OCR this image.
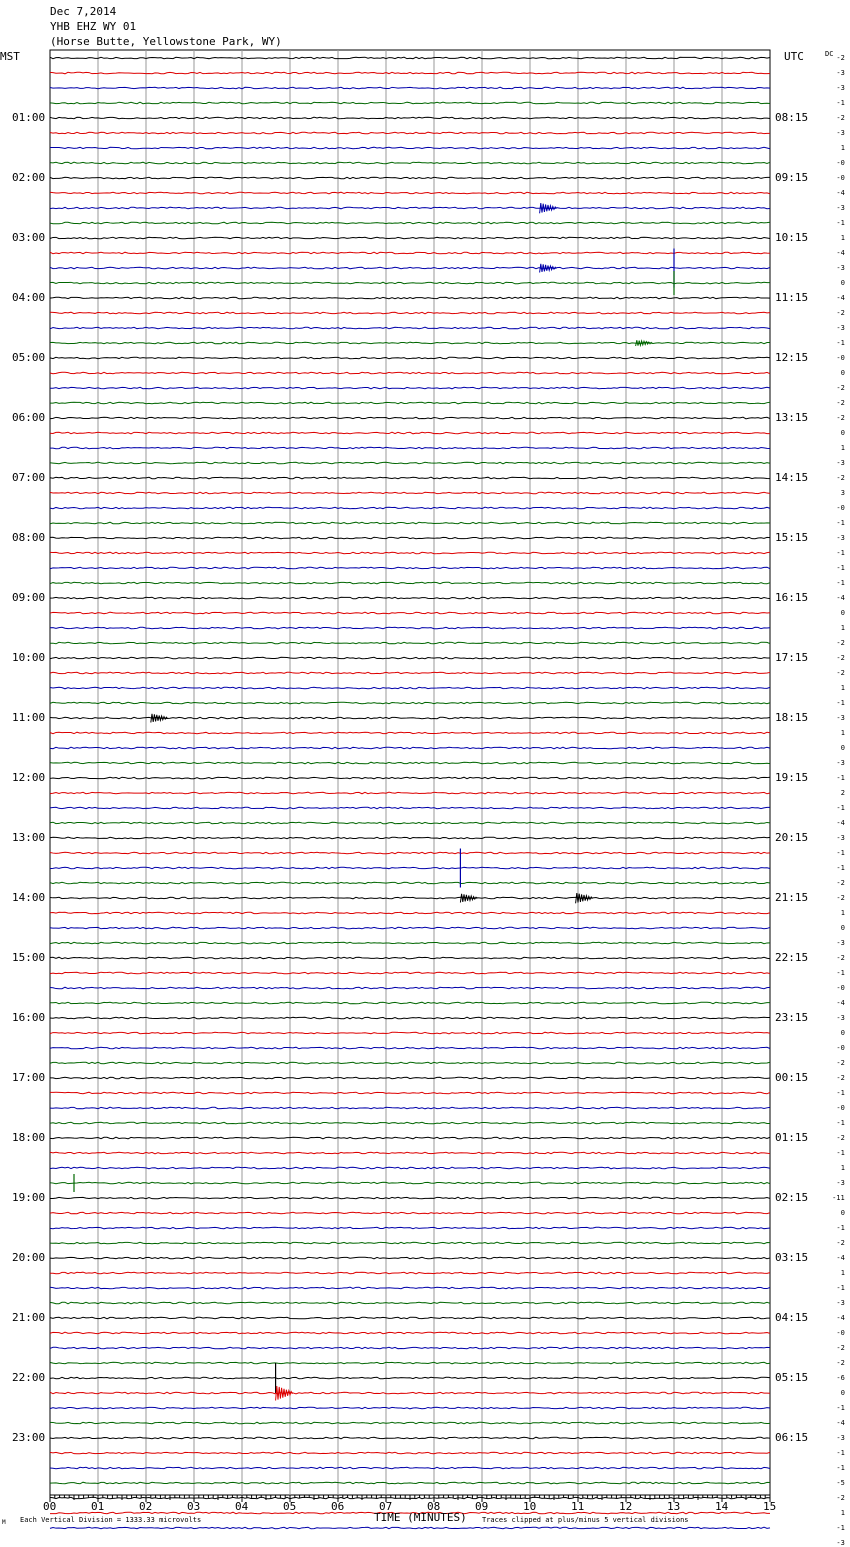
Dec 7,2014
YHB EHZ WY 01
(Horse Butte, Yellowstone Park, WY)
MST	UTC	DC
01:00
02:00
03:00
04:00
05:00
06:00
07:00
08:00
09:00
10:00
11:00
12:00
13:00
14:00
15:00
16:00
17:00
18:00
19:00
20:00
21:00
22:00
23:00
08:15
09:15
10:15
11:15
12:15
13:15
14:15
15:15
16:15
17:15
18:15
19:15
20:15
21:15
22:15
23:15
00:15
01:15
02:15
03:15
04:15
05:15
06:15
-2
-3
-3
-1
-2
-3
1
-0
-0
-4
-3
-1
1
-4
-3
0
-4
-2
-3
-1
-0
0
-2
-2
-2
0
1
-3
-2
3
-0
-1
-3
-1
-1
-1
-4
0
1
-2
-2
-2
1
-1
-3
1
0
-3
-1
2
-1
-4
-3
-1
-1
-2
-2
1
0
-3
-2
-1
-0
-4
-3
0
-0
-2
-2
-1
-0
-1
-2
-1
1
-3
-11
0
-1
-2
-4
1
-1
-3
-4
-0
-2
-2
-6
0
-1
-4
-3
-1
-1
-5
-2
1
-1
-3
00	01	02	03	04	05	06	07	08	09	10	11	12	13	14	15
TIME (MINUTES)
Each Vertical Division = 1333.33 microvolts	Traces clipped at plus/minus 5 vertical divisions
M
